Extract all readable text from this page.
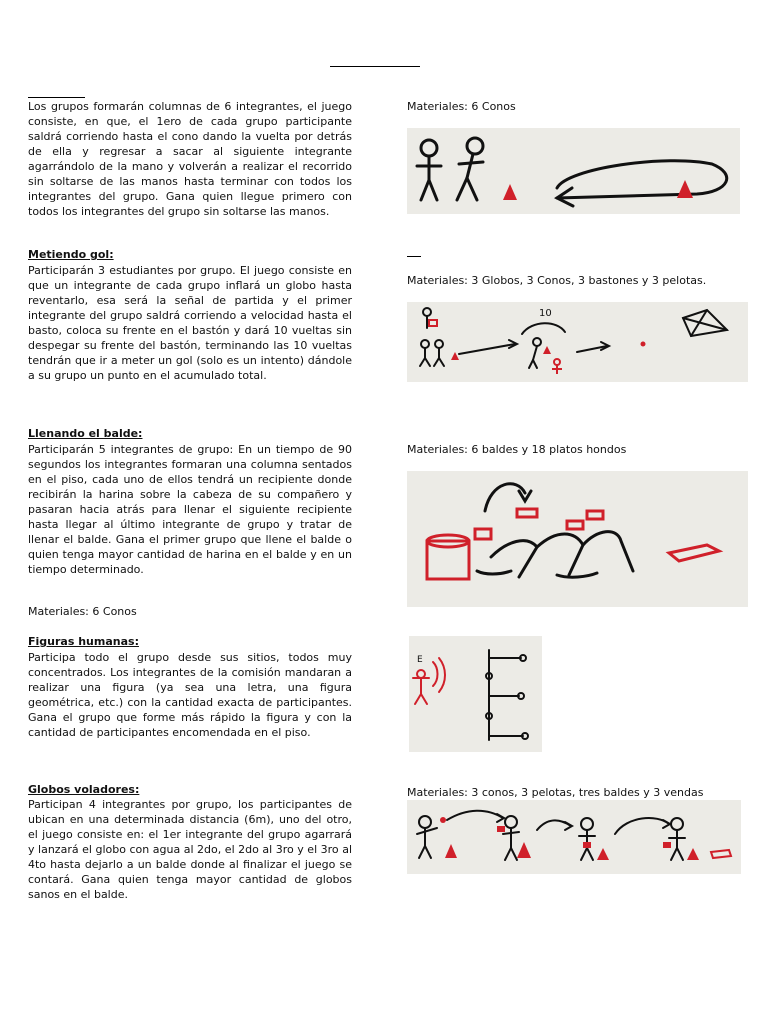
Los grupos formarán columnas de 6 integrantes, el juego consiste, en que, el 1ero de cada grupo participante saldrá corriendo hasta el cono dando la vuelta por detrás de ella y regresar a sacar al siguiente integrante agarrándolo de la mano y volverán a realizar el recorrido sin soltarse de las manos hasta terminar con todos los integrantes del grupo. Gana quien llegue primero con todos los integrantes del grupo sin soltarse las manos.

Materiales: 6 Conos
Metiendo gol:

Participarán 3 estudiantes por grupo. El juego consiste en que un integrante de cada grupo inflará un globo hasta reventarlo, esa será la señal de partida y el primer integrante del grupo saldrá corriendo a velocidad hasta el basto, coloca su frente en el bastón y dará 10 vueltas sin despegar su frente del bastón, terminando las 10 vueltas tendrán que ir a meter un gol (solo es un intento) dándole a su grupo un punto en el acumulado total.

Materiales: 3 Globos, 3 Conos, 3 bastones y 3 pelotas.
10
Llenando el balde:

Participarán 5 integrantes de grupo: En un tiempo de 90 segundos los integrantes formaran una columna sentados en el piso, cada uno de ellos tendrá un recipiente donde recibirán la harina sobre la cabeza de su compañero y pasaran hacia atrás para llenar el siguiente recipiente hasta llegar al último integrante de grupo y tratar de llenar el balde. Gana el primer grupo que llene el balde o quien tenga mayor cantidad de harina en el balde y en un tiempo determinado.

Materiales: 6 baldes y 18 platos hondos
Materiales: 6 Conos
Figuras humanas:

Participa todo el grupo desde sus sitios, todos muy concentrados. Los integrantes de la comisión mandaran a realizar una figura (ya sea una letra, una figura geométrica, etc.) con la cantidad exacta de participantes. Gana el grupo que forme más rápido la figura y con la cantidad de participantes encomendada en el piso.

E
Globos voladores:

Participan 4 integrantes por grupo, los participantes de ubican en una determinada distancia (6m), uno del otro, el juego consiste en: el 1er integrante del grupo agarrará y lanzará el globo con agua al 2do, el 2do al 3ro y el 3ro al 4to hasta dejarlo a un balde donde al finalizar el juego se contará. Gana quien tenga mayor cantidad de globos sanos en el balde.

Materiales: 3 conos, 3 pelotas, tres baldes y 3 vendas
